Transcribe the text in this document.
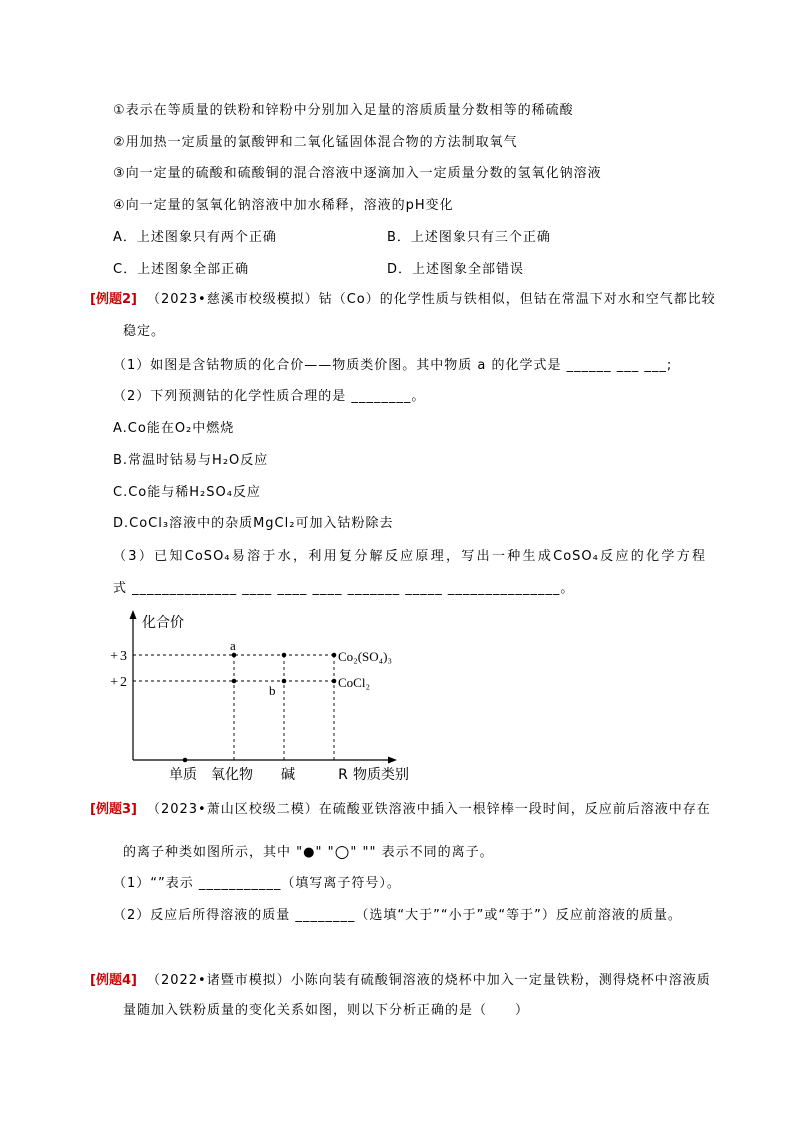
①表示在等质量的铁粉和锌粉中分别加入足量的溶质质量分数相等的稀硫酸
②用加热一定质量的氯酸钾和二氧化锰固体混合物的方法制取氧气
③向一定量的硫酸和硫酸铜的混合溶液中逐滴加入一定质量分数的氢氧化钠溶液
④向一定量的氢氧化钠溶液中加水稀释，溶液的pH变化
A．上述图象只有两个正确	B．上述图象只有三个正确
C．上述图象全部正确	D．上述图象全部错误
[例题2] （2023•慈溪市校级模拟）钴（Co）的化学性质与铁相似，但钴在常温下对水和空气都比较
稳定。
（1）如图是含钴物质的化合价——物质类价图。其中物质 a 的化学式是 ______ ___ ___;
（2）下列预测钴的化学性质合理的是 ________。
A.Co能在O₂中燃烧
B.常温时钴易与H₂O反应
C.Co能与稀H₂SO₄反应
D.CoCl₃溶液中的杂质MgCl₂可加入钴粉除去
（3）已知CoSO₄易溶于水，利用复分解反应原理，写出一种生成CoSO₄反应的化学方程
式 ______________ ____ ____ ____ _______ _____ _______________。
化合价
物质类别
+3
+2
单质 氧化物 碱	R
a
b
Co₂(SO₄)₃
CoCl₂
[例题3] （2023•萧山区校级二模）在硫酸亚铁溶液中插入一根锌棒一段时间，反应前后溶液中存在
的离子种类如图所示，其中 "●" "○" "" 表示不同的离子。
（1）“”表示 ___________（填写离子符号）。
（2）反应后所得溶液的质量 ________（选填“大于”“小于”或“等于”）反应前溶液的质量。
[例题4] （2022•诸暨市模拟）小陈向装有硫酸铜溶液的烧杯中加入一定量铁粉，测得烧杯中溶液质
量随加入铁粉质量的变化关系如图，则以下分析正确的是（　　）
